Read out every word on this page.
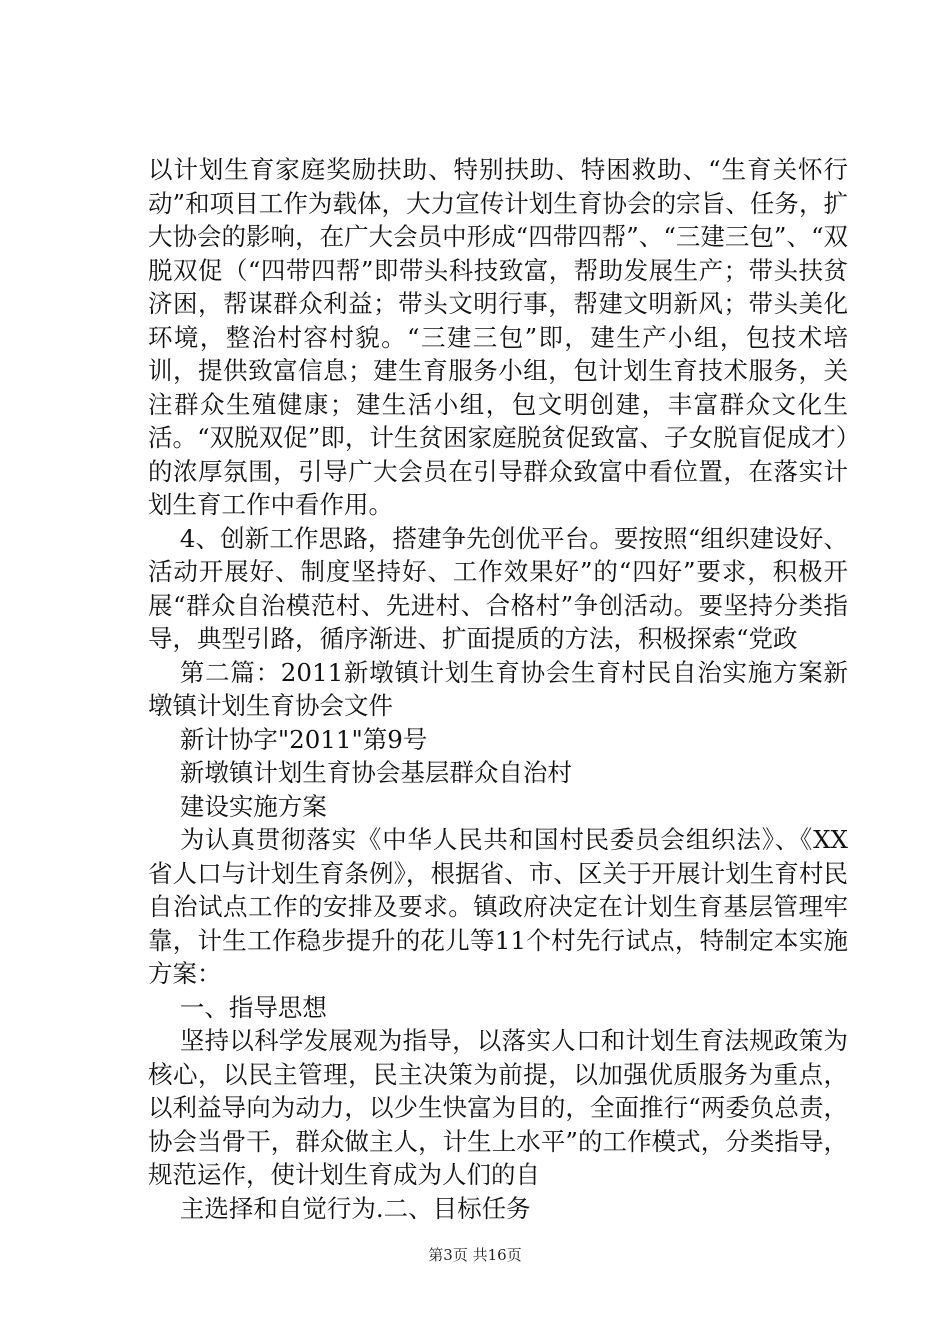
以计划生育家庭奖励扶助、特别扶助、特困救助、“生育关怀行动”和项目工作为载体，大力宣传计划生育协会的宗旨、任务，扩大协会的影响，在广大会员中形成“四带四帮”、“三建三包”、“双脱双促（“四带四帮”即带头科技致富，帮助发展生产；带头扶贫济困，帮谋群众利益；带头文明行事，帮建文明新风；带头美化环境，整治村容村貌。“三建三包”即，建生产小组，包技术培训，提供致富信息；建生育服务小组，包计划生育技术服务，关注群众生殖健康；建生活小组，包文明创建，丰富群众文化生活。“双脱双促”即，计生贫困家庭脱贫促致富、子女脱盲促成才）的浓厚氛围，引导广大会员在引导群众致富中看位置，在落实计划生育工作中看作用。

4、创新工作思路，搭建争先创优平台。要按照“组织建设好、活动开展好、制度坚持好、工作效果好”的“四好”要求，积极开展“群众自治模范村、先进村、合格村”争创活动。要坚持分类指导，典型引路，循序渐进、扩面提质的方法，积极探索“党政

第二篇：2011新墩镇计划生育协会生育村民自治实施方案新墩镇计划生育协会文件

新计协字"2011"第9号

新墩镇计划生育协会基层群众自治村

建设实施方案

为认真贯彻落实《中华人民共和国村民委员会组织法》、《XX省人口与计划生育条例》，根据省、市、区关于开展计划生育村民自治试点工作的安排及要求。镇政府决定在计划生育基层管理牢靠，计生工作稳步提升的花儿等11个村先行试点，特制定本实施方案：

一、指导思想

坚持以科学发展观为指导，以落实人口和计划生育法规政策为核心，以民主管理，民主决策为前提，以加强优质服务为重点，以利益导向为动力，以少生快富为目的，全面推行“两委负总责，协会当骨干，群众做主人，计生上水平”的工作模式，分类指导，规范运作，使计划生育成为人们的自

主选择和自觉行为.二、目标任务

第3页 共16页
